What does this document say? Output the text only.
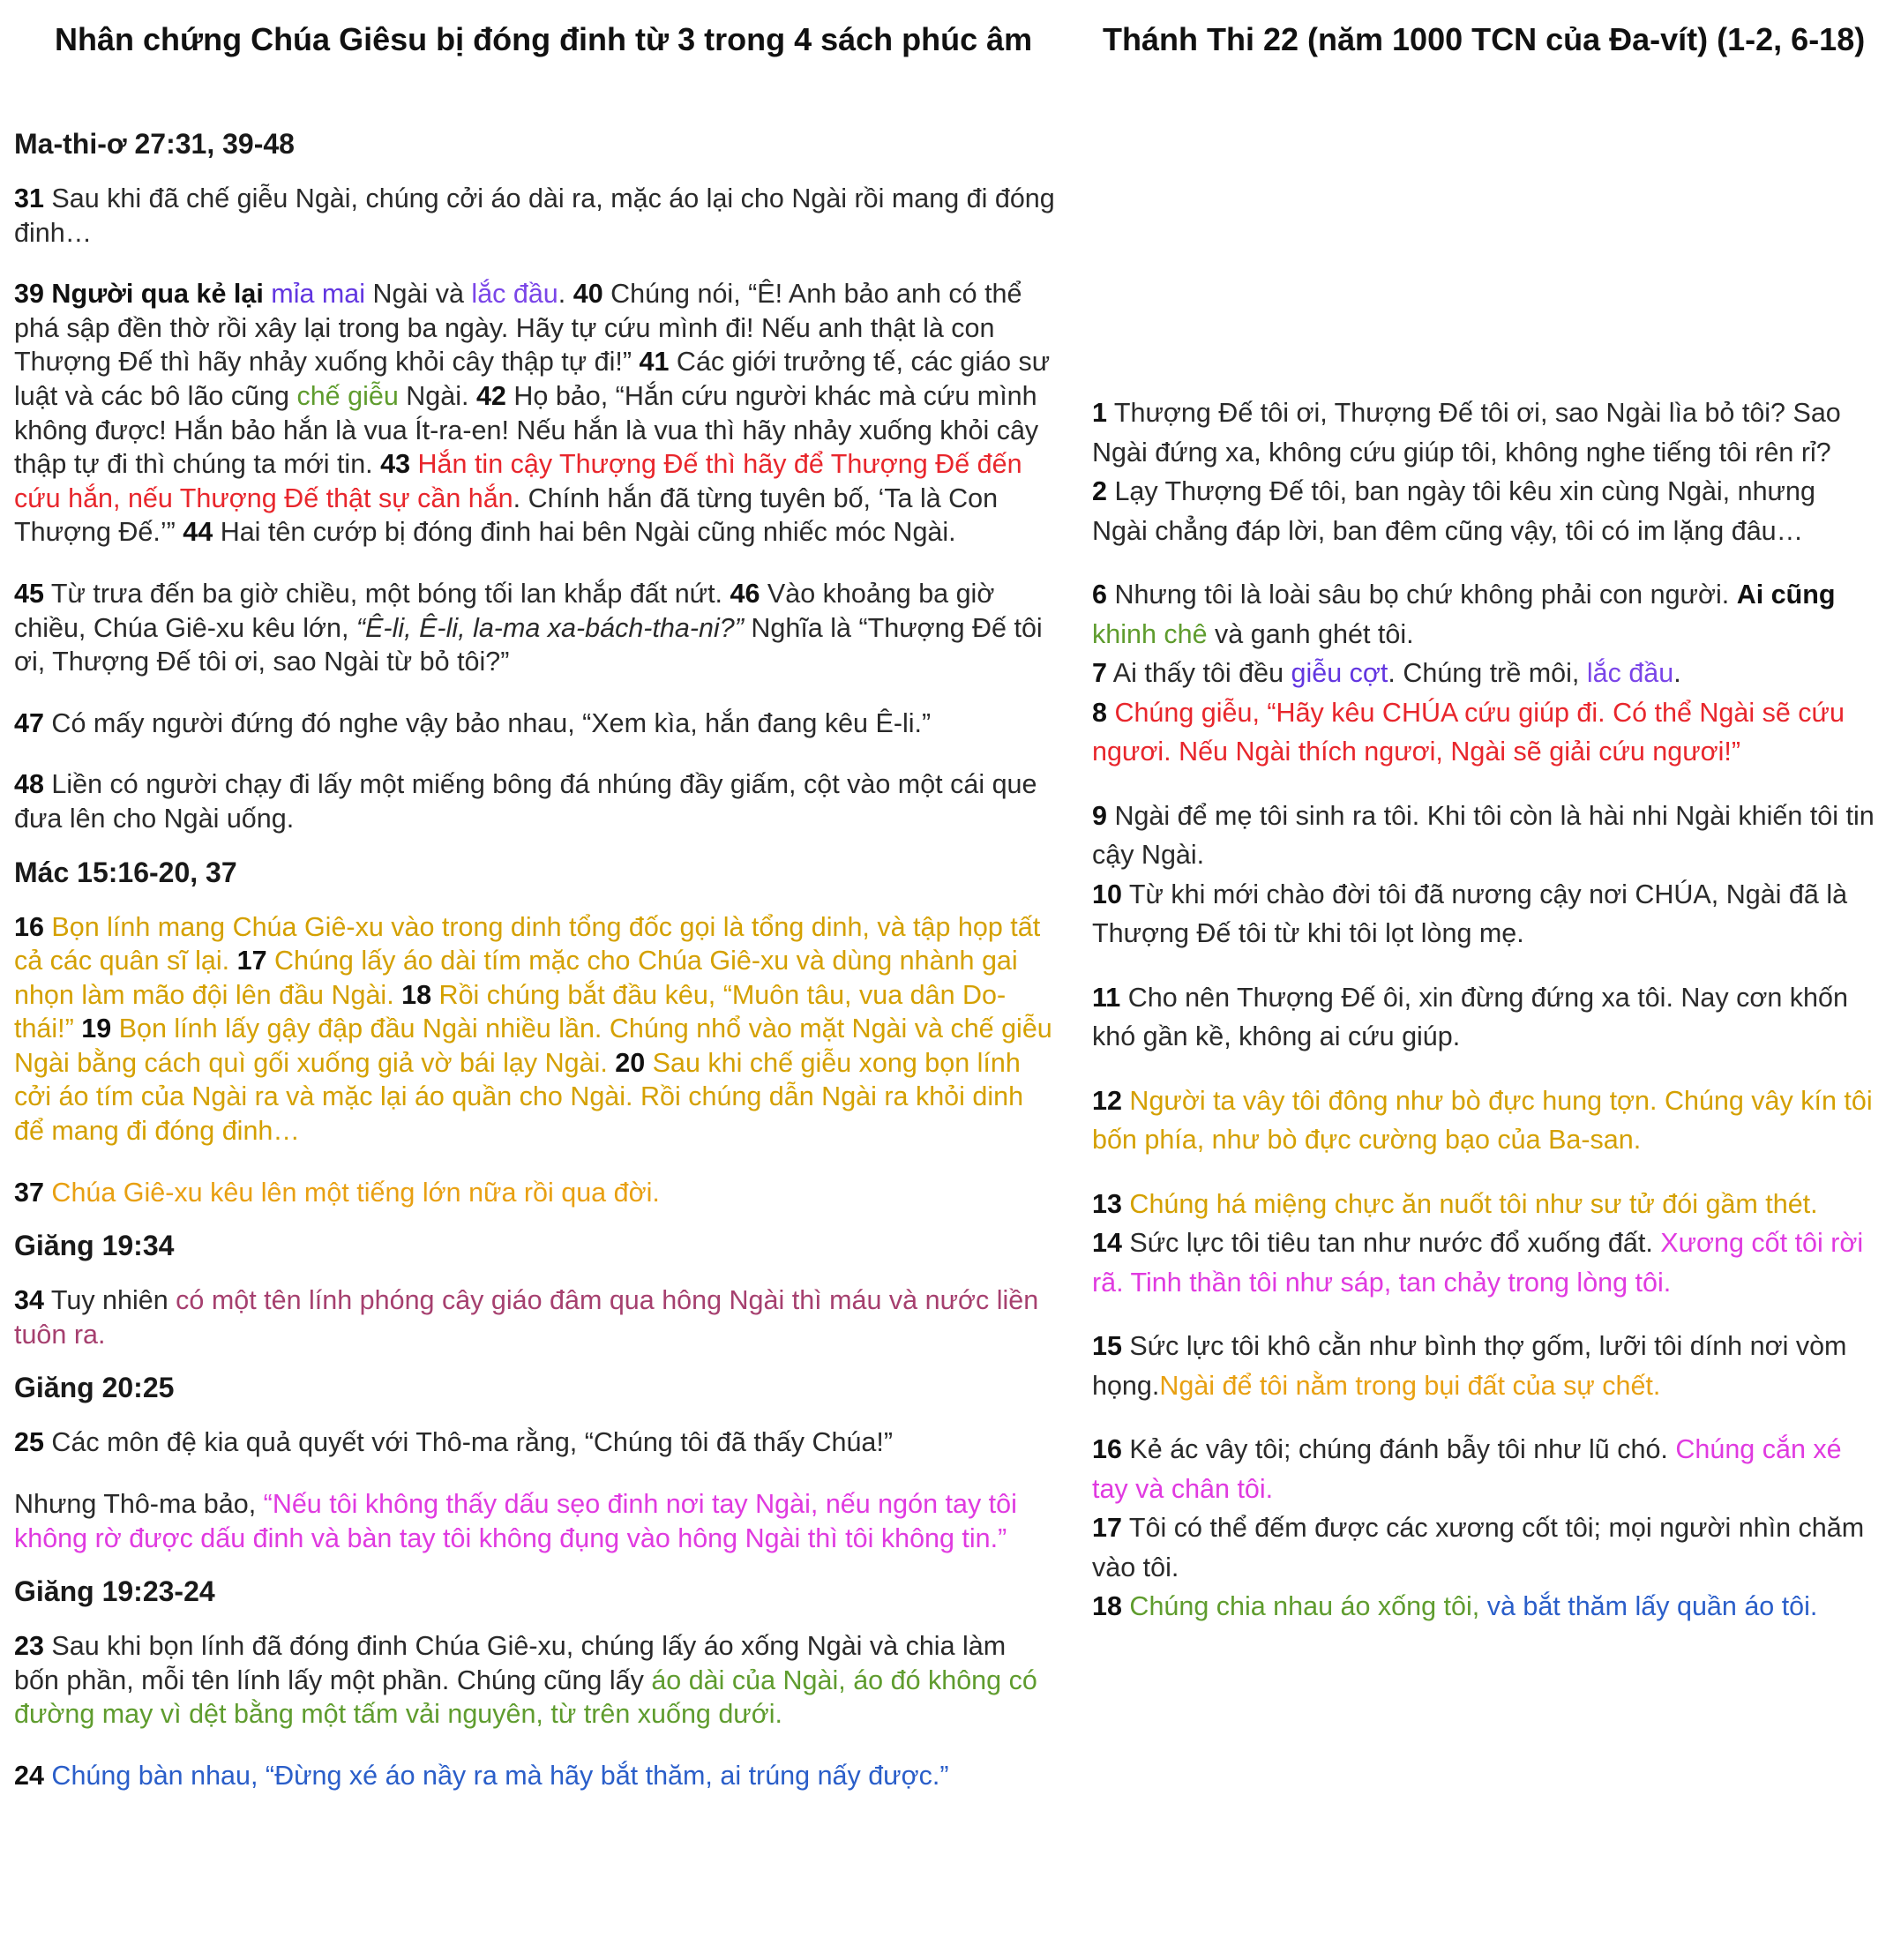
Nhân chứng Chúa Giêsu bị đóng đinh từ 3 trong 4 sách phúc âm Thánh Thi 22 (năm 1000 TCN của Đa-vít) (1-2, 6-18)

Ma-thi-ơ 27:31, 39-48

31 Sau khi đã chế giễu Ngài, chúng cởi áo dài ra, mặc áo lại cho Ngài rồi mang đi đóng đinh…

39 Người qua kẻ lại mỉa mai Ngài và lắc đầu. 40 Chúng nói, “Ê! Anh bảo anh có thể phá sập đền thờ rồi xây lại trong ba ngày. Hãy tự cứu mình đi! Nếu anh thật là con Thượng Đế thì hãy nhảy xuống khỏi cây thập tự đi!” 41 Các giới trưởng tế, các giáo sư luật và các bô lão cũng chế giễu Ngài. 42 Họ bảo, “Hắn cứu người khác mà cứu mình không được! Hắn bảo hắn là vua Ít-ra-en! Nếu hắn là vua thì hãy nhảy xuống khỏi cây thập tự đi thì chúng ta mới tin. 43 Hắn tin cậy Thượng Đế thì hãy để Thượng Đế đến cứu hắn, nếu Thượng Đế thật sự cần hắn. Chính hắn đã từng tuyên bố, ‘Ta là Con Thượng Đế.’” 44 Hai tên cướp bị đóng đinh hai bên Ngài cũng nhiếc móc Ngài.

45 Từ trưa đến ba giờ chiều, một bóng tối lan khắp đất nứt. 46 Vào khoảng ba giờ chiều, Chúa Giê-xu kêu lớn, “Ê-li, Ê-li, la-ma xa-bách-tha-ni?” Nghĩa là “Thượng Đế tôi ơi, Thượng Đế tôi ơi, sao Ngài từ bỏ tôi?”

47 Có mấy người đứng đó nghe vậy bảo nhau, “Xem kìa, hắn đang kêu Ê-li.”

48 Liền có người chạy đi lấy một miếng bông đá nhúng đầy giấm, cột vào một cái que đưa lên cho Ngài uống.

Mác 15:16-20, 37

16 Bọn lính mang Chúa Giê-xu vào trong dinh tổng đốc gọi là tổng dinh, và tập họp tất cả các quân sĩ lại. 17 Chúng lấy áo dài tím mặc cho Chúa Giê-xu và dùng nhành gai nhọn làm mão đội lên đầu Ngài. 18 Rồi chúng bắt đầu kêu, “Muôn tâu, vua dân Do-thái!” 19 Bọn lính lấy gậy đập đầu Ngài nhiều lần. Chúng nhổ vào mặt Ngài và chế giễu Ngài bằng cách quì gối xuống giả vờ bái lạy Ngài. 20 Sau khi chế giễu xong bọn lính cởi áo tím của Ngài ra và mặc lại áo quần cho Ngài. Rồi chúng dẫn Ngài ra khỏi dinh để mang đi đóng đinh…

37 Chúa Giê-xu kêu lên một tiếng lớn nữa rồi qua đời.

Giăng 19:34

34 Tuy nhiên có một tên lính phóng cây giáo đâm qua hông Ngài thì máu và nước liền tuôn ra.

Giăng 20:25

25 Các môn đệ kia quả quyết với Thô-ma rằng, “Chúng tôi đã thấy Chúa!”

Nhưng Thô-ma bảo, “Nếu tôi không thấy dấu sẹo đinh nơi tay Ngài, nếu ngón tay tôi không rờ được dấu đinh và bàn tay tôi không đụng vào hông Ngài thì tôi không tin.”

Giăng 19:23-24

23 Sau khi bọn lính đã đóng đinh Chúa Giê-xu, chúng lấy áo xống Ngài và chia làm bốn phần, mỗi tên lính lấy một phần. Chúng cũng lấy áo dài của Ngài, áo đó không có đường may vì dệt bằng một tấm vải nguyên, từ trên xuống dưới.

24 Chúng bàn nhau, “Đừng xé áo nầy ra mà hãy bắt thăm, ai trúng nấy được.”

1 Thượng Đế tôi ơi, Thượng Đế tôi ơi, sao Ngài lìa bỏ tôi? Sao Ngài đứng xa, không cứu giúp tôi, không nghe tiếng tôi rên rỉ?
2 Lạy Thượng Đế tôi, ban ngày tôi kêu xin cùng Ngài, nhưng Ngài chẳng đáp lời, ban đêm cũng vậy, tôi có im lặng đâu…

6 Nhưng tôi là loài sâu bọ chứ không phải con người. Ai cũng khinh chê và ganh ghét tôi.
7 Ai thấy tôi đều giễu cợt. Chúng trề môi, lắc đầu.
8 Chúng giễu, “Hãy kêu CHÚA cứu giúp đi. Có thể Ngài sẽ cứu ngươi. Nếu Ngài thích ngươi, Ngài sẽ giải cứu ngươi!”

9 Ngài để mẹ tôi sinh ra tôi. Khi tôi còn là hài nhi Ngài khiến tôi tin cậy Ngài.
10 Từ khi mới chào đời tôi đã nương cậy nơi CHÚA, Ngài đã là Thượng Đế tôi từ khi tôi lọt lòng mẹ.

11 Cho nên Thượng Đế ôi, xin đừng đứng xa tôi. Nay cơn khốn khó gần kề, không ai cứu giúp.

12 Người ta vây tôi đông như bò đực hung tợn. Chúng vây kín tôi bốn phía, như bò đực cường bạo của Ba-san.

13 Chúng há miệng chực ăn nuốt tôi như sư tử đói gầm thét.
14 Sức lực tôi tiêu tan như nước đổ xuống đất. Xương cốt tôi rời rã. Tinh thần tôi như sáp, tan chảy trong lòng tôi.

15 Sức lực tôi khô cằn như bình thợ gốm, lưỡi tôi dính nơi vòm họng.Ngài để tôi nằm trong bụi đất của sự chết.

16 Kẻ ác vây tôi; chúng đánh bẫy tôi như lũ chó. Chúng cắn xé tay và chân tôi.
17 Tôi có thể đếm được các xương cốt tôi; mọi người nhìn chăm vào tôi.
18 Chúng chia nhau áo xống tôi, và bắt thăm lấy quần áo tôi.
